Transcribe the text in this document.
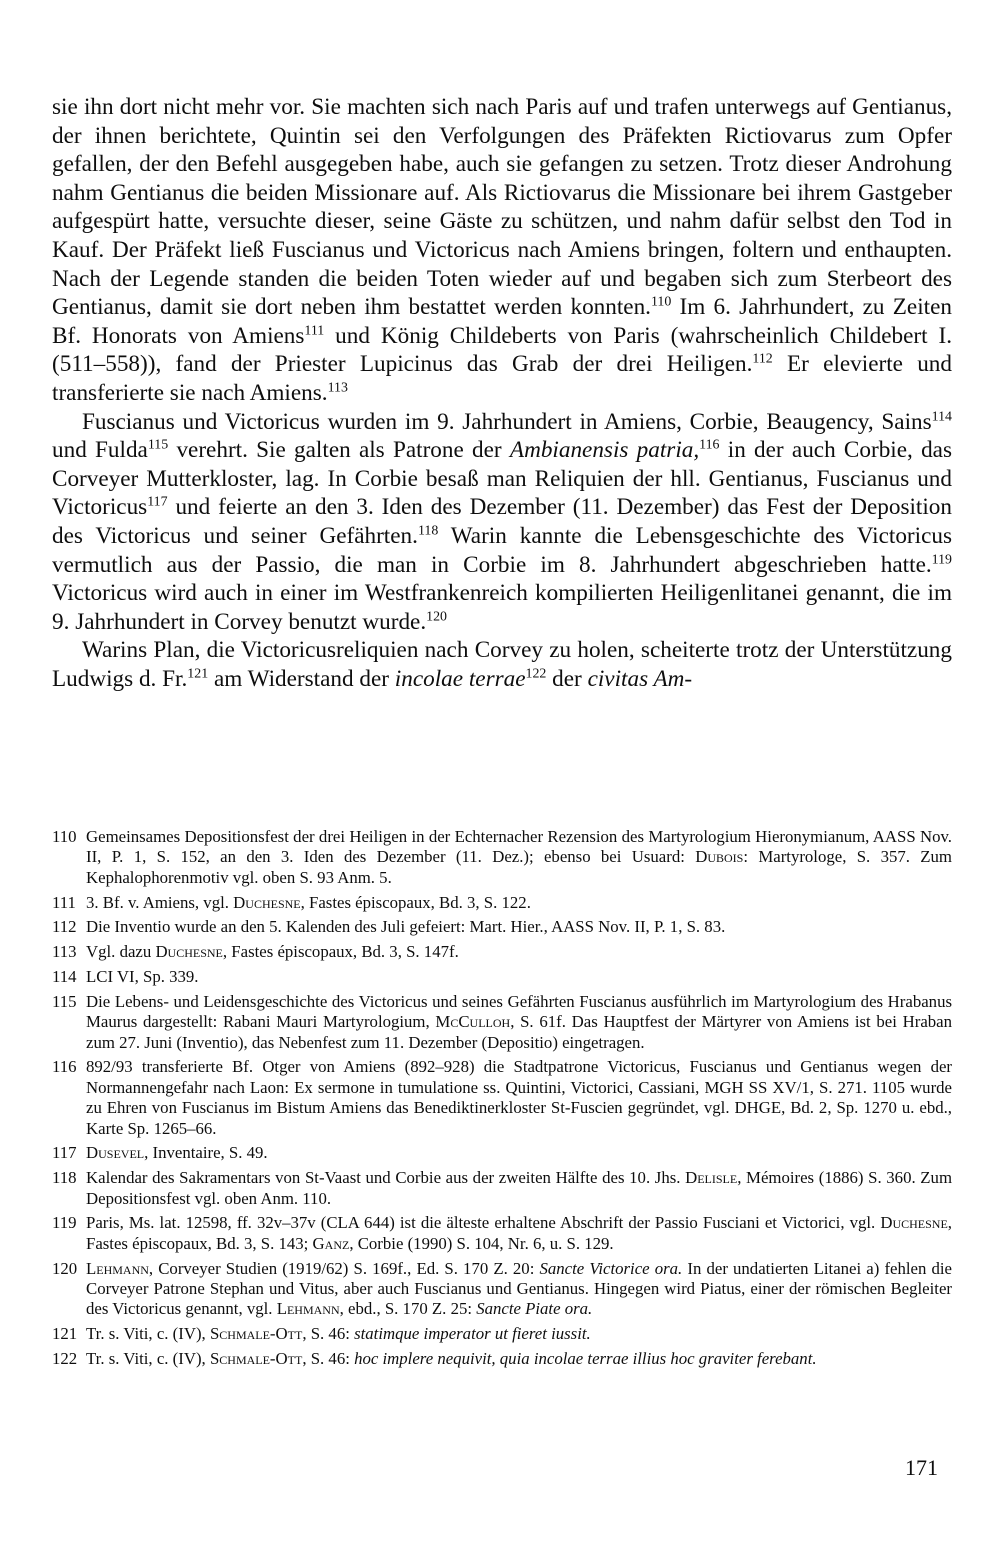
sie ihn dort nicht mehr vor. Sie machten sich nach Paris auf und trafen unterwegs auf Gentianus, der ihnen berichtete, Quintin sei den Verfolgungen des Präfekten Rictiovarus zum Opfer gefallen, der den Befehl ausgegeben habe, auch sie gefangen zu setzen. Trotz dieser Androhung nahm Gentianus die beiden Missionare auf. Als Rictiovarus die Missionare bei ihrem Gastgeber aufgespürt hatte, versuchte dieser, seine Gäste zu schützen, und nahm dafür selbst den Tod in Kauf. Der Präfekt ließ Fuscianus und Victoricus nach Amiens bringen, foltern und enthaupten. Nach der Legende standen die beiden Toten wieder auf und begaben sich zum Sterbeort des Gentianus, damit sie dort neben ihm bestattet werden konnten.$^{110}$ Im 6. Jahrhundert, zu Zeiten Bf. Honorats von Amiens$^{111}$ und König Childeberts von Paris (wahrscheinlich Childebert I. (511–558)), fand der Priester Lupicinus das Grab der drei Heiligen.$^{112}$ Er elevierte und transferierte sie nach Amiens.$^{113}$

Fuscianus und Victoricus wurden im 9. Jahrhundert in Amiens, Corbie, Beaugency, Sains$^{114}$ und Fulda$^{115}$ verehrt. Sie galten als Patrone der Ambianensis patria,$^{116}$ in der auch Corbie, das Corveyer Mutterkloster, lag. In Corbie besaß man Reliquien der hll. Gentianus, Fuscianus und Victoricus$^{117}$ und feierte an den 3. Iden des Dezember (11. Dezember) das Fest der Deposition des Victoricus und seiner Gefährten.$^{118}$ Warin kannte die Lebensgeschichte des Victoricus vermutlich aus der Passio, die man in Corbie im 8. Jahrhundert abgeschrieben hatte.$^{119}$ Victoricus wird auch in einer im Westfrankenreich kompilierten Heiligenlitanei genannt, die im 9. Jahrhundert in Corvey benutzt wurde.$^{120}$

Warins Plan, die Victoricusreliquien nach Corvey zu holen, scheiterte trotz der Unterstützung Ludwigs d. Fr.$^{121}$ am Widerstand der incolae terrae$^{122}$ der civitas Am-

110 Gemeinsames Depositionsfest der drei Heiligen in der Echternacher Rezension des Martyrologium Hieronymianum, AASS Nov. II, P. 1, S. 152, an den 3. Iden des Dezember (11. Dez.); ebenso bei Usuard: Dubois: Martyrologe, S. 357. Zum Kephalophorenmotiv vgl. oben S. 93 Anm. 5.
111 3. Bf. v. Amiens, vgl. Duchesne, Fastes épiscopaux, Bd. 3, S. 122.
112 Die Inventio wurde an den 5. Kalenden des Juli gefeiert: Mart. Hier., AASS Nov. II, P. 1, S. 83.
113 Vgl. dazu Duchesne, Fastes épiscopaux, Bd. 3, S. 147f.
114 LCI VI, Sp. 339.
115 Die Lebens- und Leidensgeschichte des Victoricus und seines Gefährten Fuscianus ausführlich im Martyrologium des Hrabanus Maurus dargestellt: Rabani Mauri Martyrologium, McCulloh, S. 61f. Das Hauptfest der Märtyrer von Amiens ist bei Hraban zum 27. Juni (Inventio), das Nebenfest zum 11. Dezember (Depositio) eingetragen.
116 892/93 transferierte Bf. Otger von Amiens (892–928) die Stadtpatrone Victoricus, Fuscianus und Gentianus wegen der Normannengefahr nach Laon: Ex sermone in tumulatione ss. Quintini, Victorici, Cassiani, MGH SS XV/1, S. 271. 1105 wurde zu Ehren von Fuscianus im Bistum Amiens das Benediktinerkloster St-Fuscien gegründet, vgl. DHGE, Bd. 2, Sp. 1270 u. ebd., Karte Sp. 1265–66.
117 Dusevel, Inventaire, S. 49.
118 Kalendar des Sakramentars von St-Vaast und Corbie aus der zweiten Hälfte des 10. Jhs. Delisle, Mémoires (1886) S. 360. Zum Depositionsfest vgl. oben Anm. 110.
119 Paris, Ms. lat. 12598, ff. 32v–37v (CLA 644) ist die älteste erhaltene Abschrift der Passio Fusciani et Victorici, vgl. Duchesne, Fastes épiscopaux, Bd. 3, S. 143; Ganz, Corbie (1990) S. 104, Nr. 6, u. S. 129.
120 Lehmann, Corveyer Studien (1919/62) S. 169f., Ed. S. 170 Z. 20: Sancte Victorice ora. In der undatierten Litanei a) fehlen die Corveyer Patrone Stephan und Vitus, aber auch Fuscianus und Gentianus. Hingegen wird Piatus, einer der römischen Begleiter des Victoricus genannt, vgl. Lehmann, ebd., S. 170 Z. 25: Sancte Piate ora.
121 Tr. s. Viti, c. (IV), Schmale-Ott, S. 46: statimque imperator ut fieret iussit.
122 Tr. s. Viti, c. (IV), Schmale-Ott, S. 46: hoc implere nequivit, quia incolae terrae illius hoc graviter ferebant.
171
